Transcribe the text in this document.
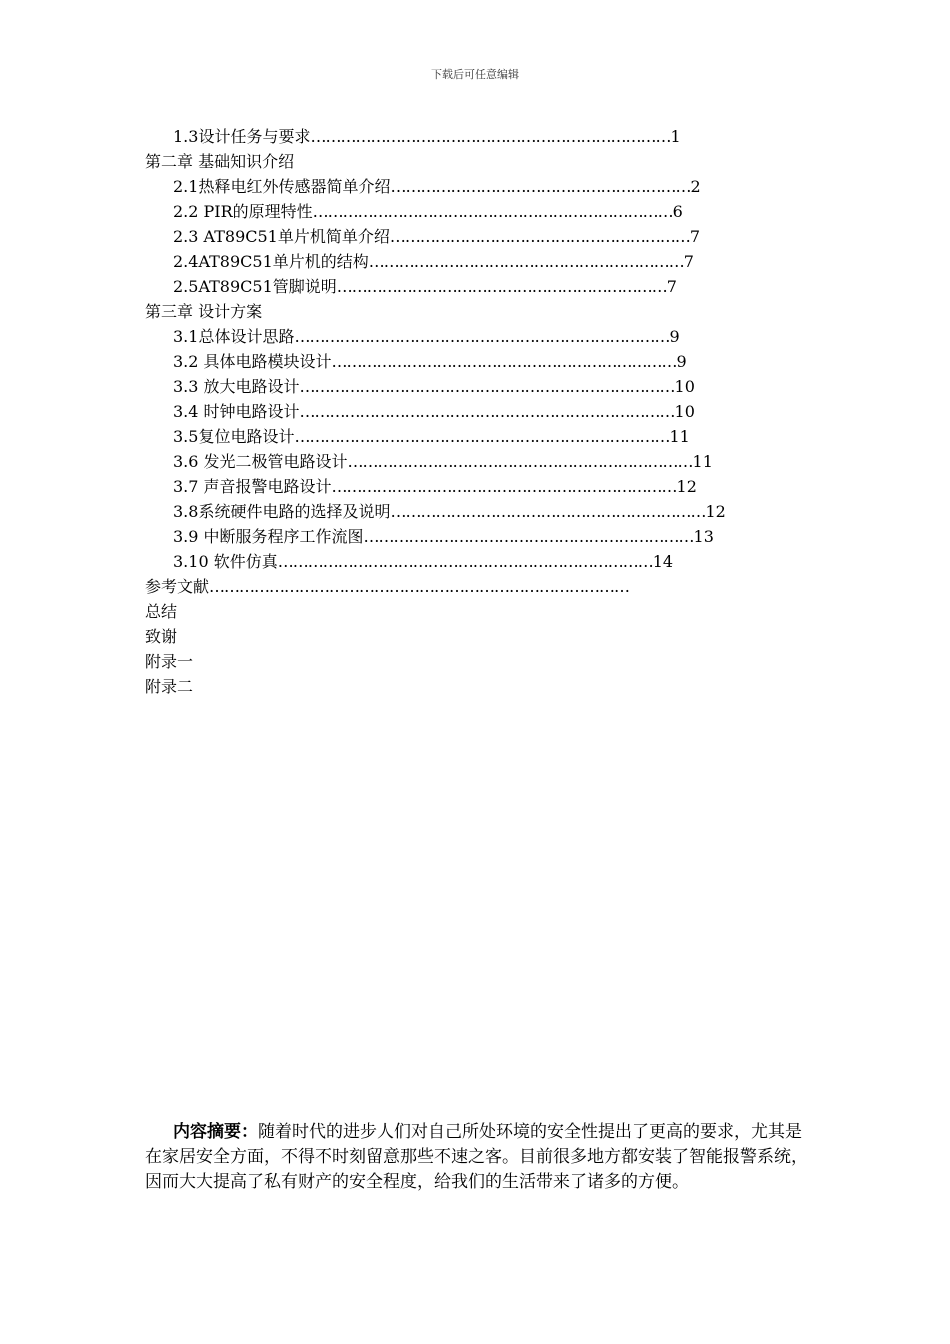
下载后可任意编辑
1.3设计任务与要求………………………………………………………………1
第二章 基础知识介绍
2.1热释电红外传感器简单介绍……………………………………………………2
2.2 PIR的原理特性………………………………………………………………6
2.3 AT89C51单片机简单介绍……………………………………………………7
2.4AT89C51单片机的结构………………………………………………………7
2.5AT89C51管脚说明…………………………………………………………7
第三章 设计方案
3.1总体设计思路…………………………………………………………………9
3.2 具体电路模块设计……………………………………………………………9
3.3 放大电路设计…………………………………………………………………10
3.4 时钟电路设计…………………………………………………………………10
3.5复位电路设计…………………………………………………………………11
3.6 发光二极管电路设计……………………………………………………………11
3.7 声音报警电路设计……………………………………………………………12
3.8系统硬件电路的选择及说明………………………………………………………12
3.9 中断服务程序工作流图…………………………………………………………13
3.10 软件仿真…………………………………………………………………14
参考文献…………………………………………………………………………
总结
致谢
附录一
附录二
内容摘要：随着时代的进步人们对自己所处环境的安全性提出了更高的要求，尤其是在家居安全方面，不得不时刻留意那些不速之客。目前很多地方都安装了智能报警系统，因而大大提高了私有财产的安全程度，给我们的生活带来了诸多的方便。
